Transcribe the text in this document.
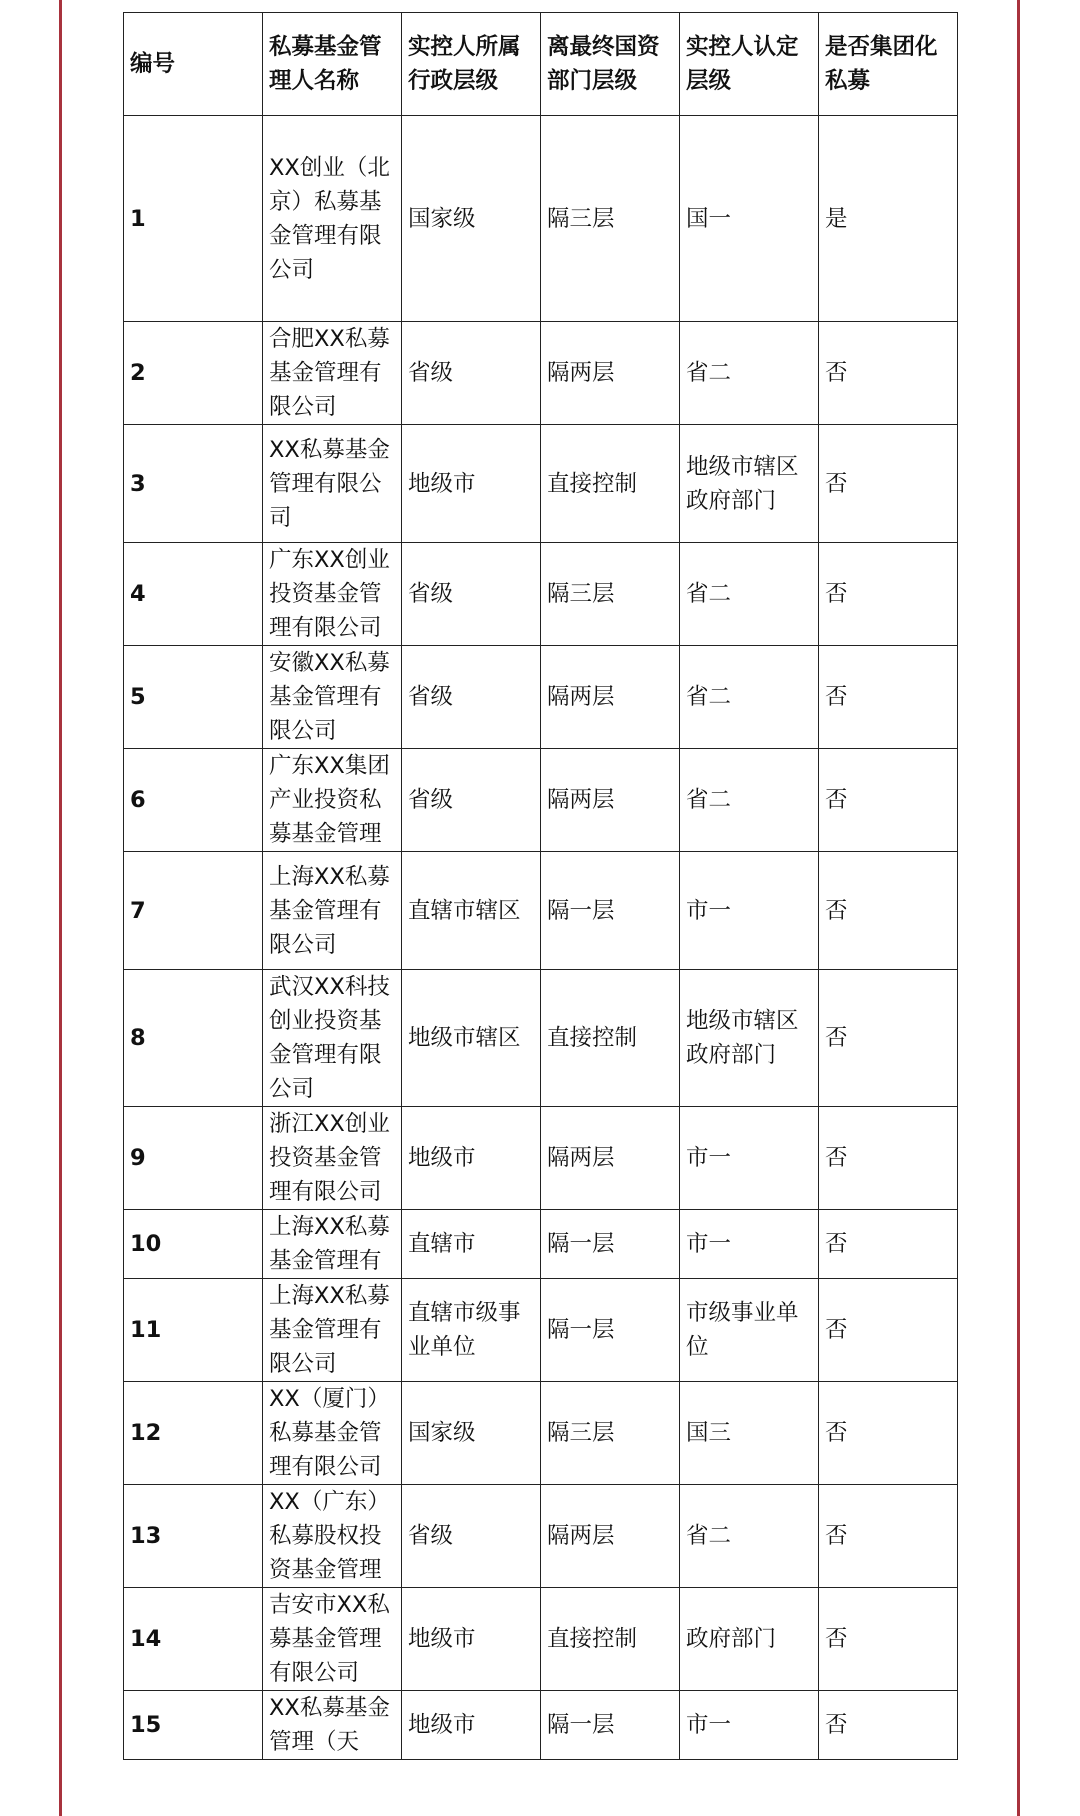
编号	私募基金管理人名称	实控人所属行政层级	离最终国资部门层级	实控人认定层级	是否集团化私募
1	XX创业（北京）私募基金管理有限公司	国家级	隔三层	国一	是
2	合肥XX私募基金管理有限公司	省级	隔两层	省二	否
3	XX私募基金管理有限公司	地级市	直接控制	地级市辖区政府部门	否
4	广东XX创业投资基金管理有限公司	省级	隔三层	省二	否
5	安徽XX私募基金管理有限公司	省级	隔两层	省二	否
6	广东XX集团产业投资私募基金管理	省级	隔两层	省二	否
7	上海XX私募基金管理有限公司	直辖市辖区	隔一层	市一	否
8	武汉XX科技创业投资基金管理有限公司	地级市辖区	直接控制	地级市辖区政府部门	否
9	浙江XX创业投资基金管理有限公司	地级市	隔两层	市一	否
10	上海XX私募基金管理有	直辖市	隔一层	市一	否
11	上海XX私募基金管理有限公司	直辖市级事业单位	隔一层	市级事业单位	否
12	XX（厦门）私募基金管理有限公司	国家级	隔三层	国三	否
13	XX（广东）私募股权投资基金管理	省级	隔两层	省二	否
14	吉安市XX私募基金管理有限公司	地级市	直接控制	政府部门	否
15	XX私募基金管理（天	地级市	隔一层	市一	否
